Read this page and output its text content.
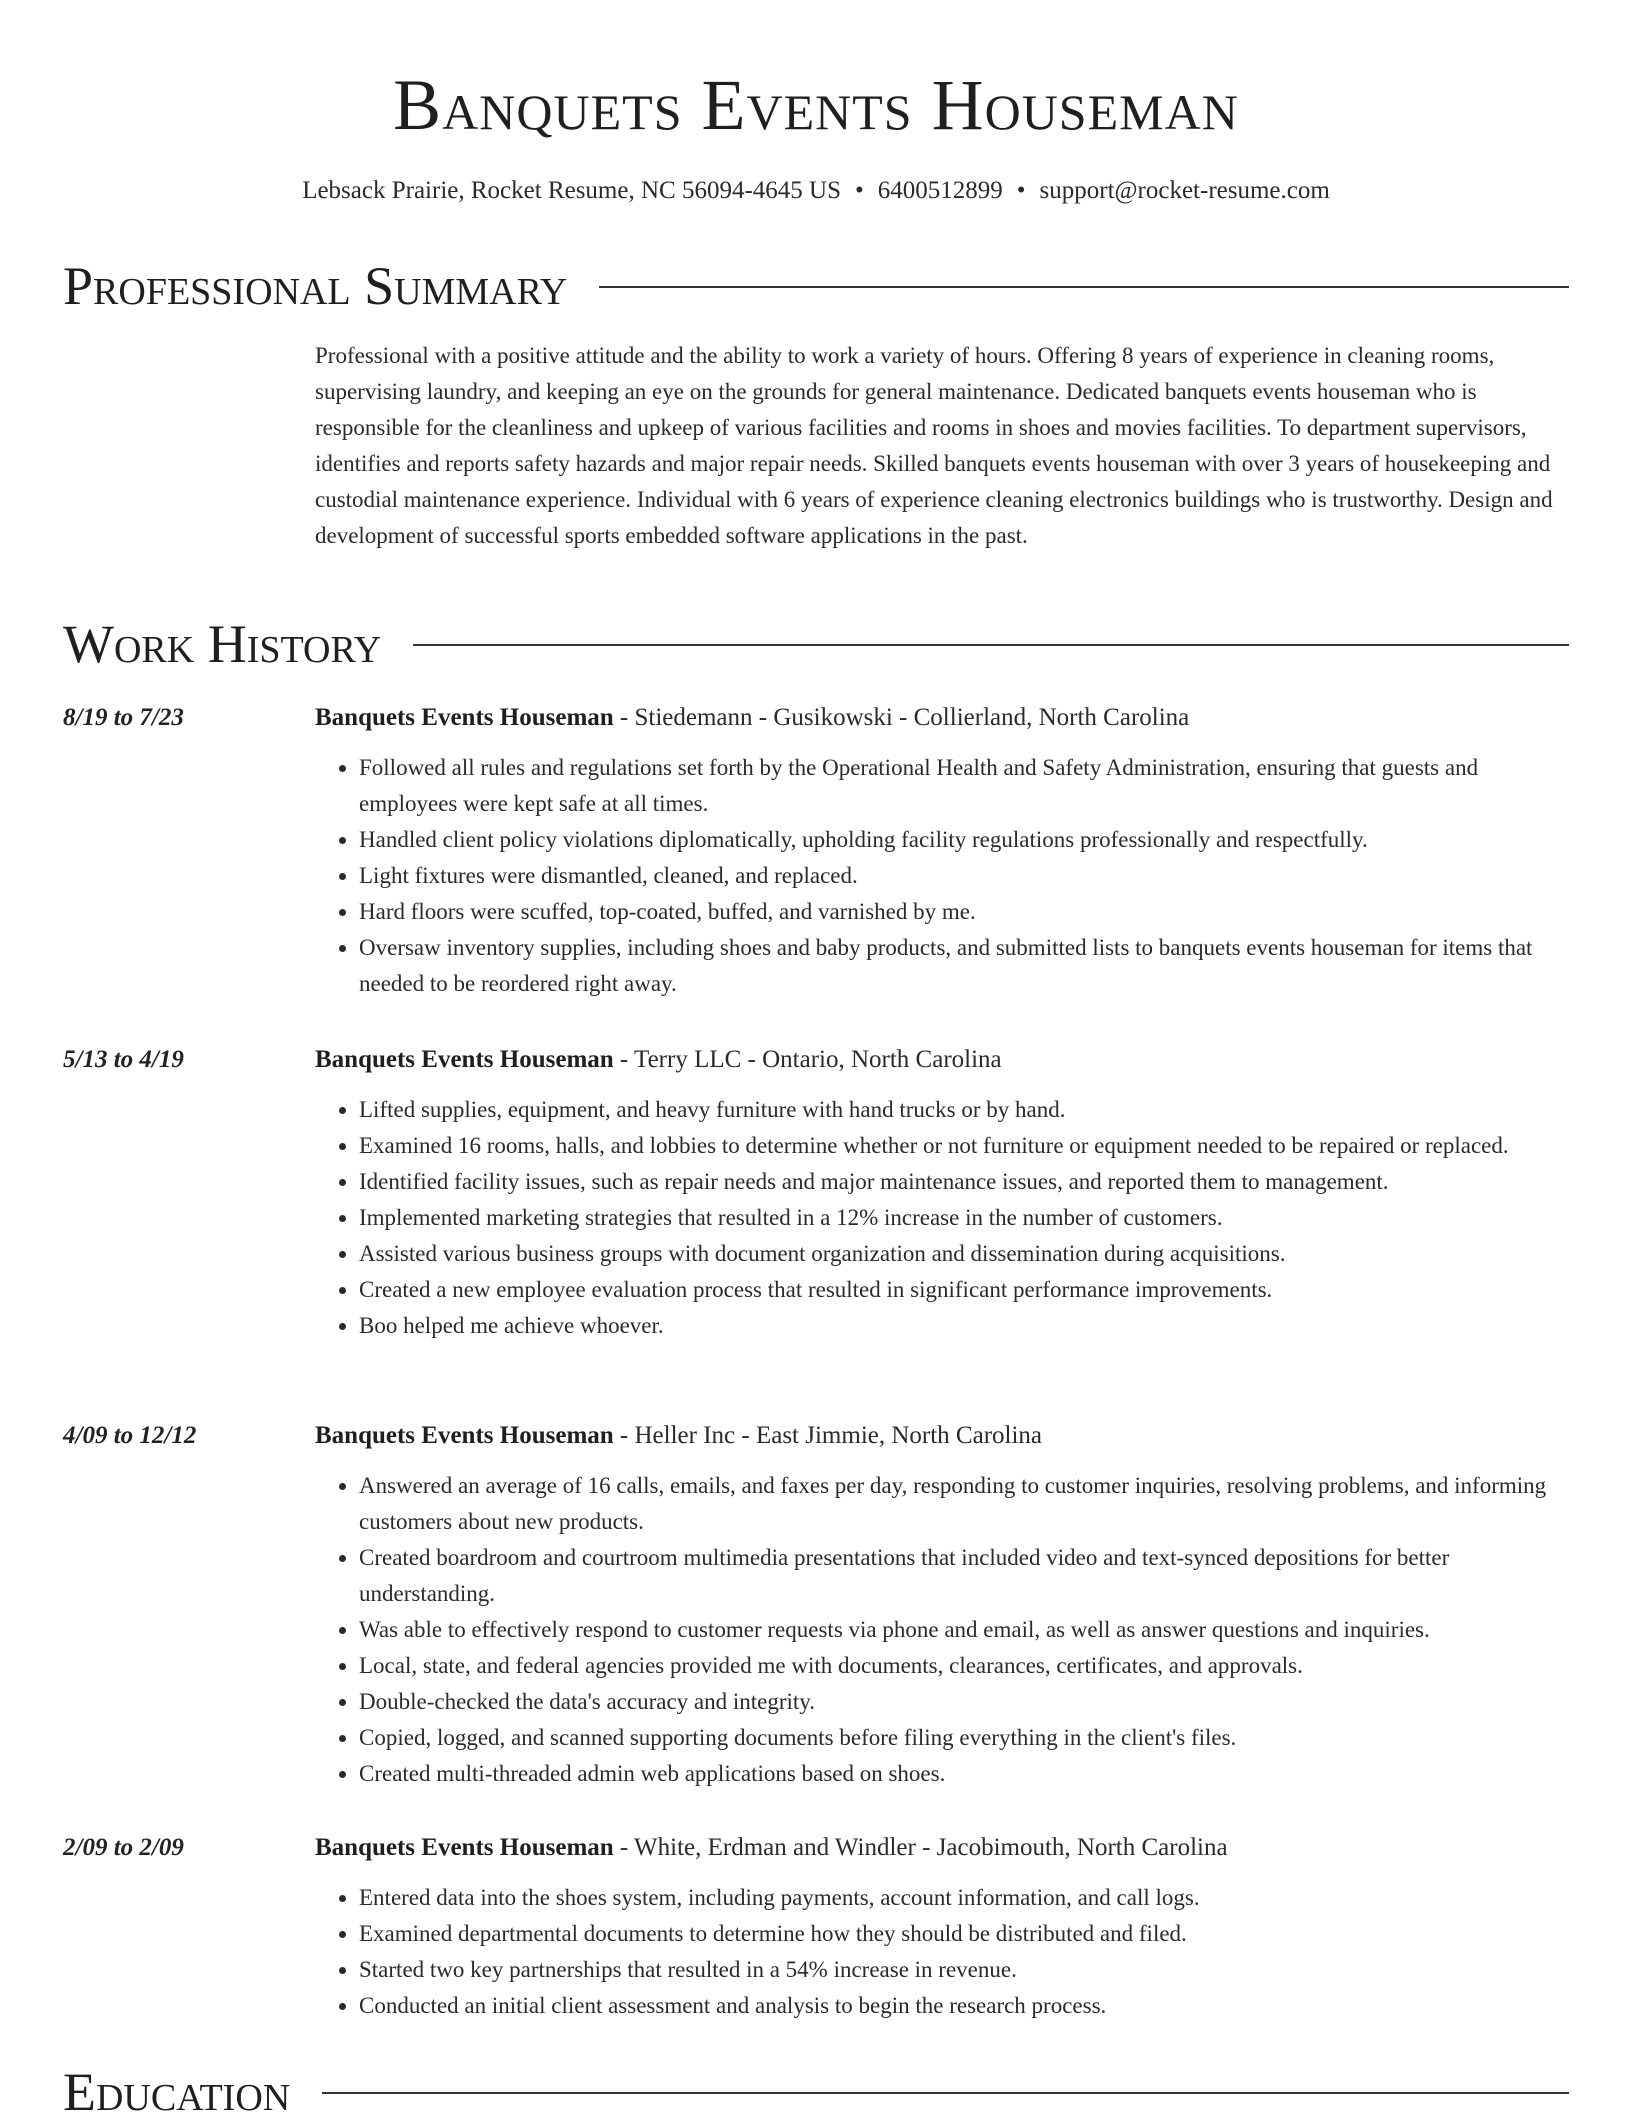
Banquets Events Houseman
Lebsack Prairie, Rocket Resume, NC 56094-4645 US • 6400512899 • support@rocket-resume.com
Professional Summary
Professional with a positive attitude and the ability to work a variety of hours. Offering 8 years of experience in cleaning rooms, supervising laundry, and keeping an eye on the grounds for general maintenance. Dedicated banquets events houseman who is responsible for the cleanliness and upkeep of various facilities and rooms in shoes and movies facilities. To department supervisors, identifies and reports safety hazards and major repair needs. Skilled banquets events houseman with over 3 years of housekeeping and custodial maintenance experience. Individual with 6 years of experience cleaning electronics buildings who is trustworthy. Design and development of successful sports embedded software applications in the past.
Work History
8/19 to 7/23	Banquets Events Houseman - Stiedemann - Gusikowski - Collierland, North Carolina
• Followed all rules and regulations set forth by the Operational Health and Safety Administration, ensuring that guests and employees were kept safe at all times.
• Handled client policy violations diplomatically, upholding facility regulations professionally and respectfully.
• Light fixtures were dismantled, cleaned, and replaced.
• Hard floors were scuffed, top-coated, buffed, and varnished by me.
• Oversaw inventory supplies, including shoes and baby products, and submitted lists to banquets events houseman for items that needed to be reordered right away.
5/13 to 4/19	Banquets Events Houseman - Terry LLC - Ontario, North Carolina
• Lifted supplies, equipment, and heavy furniture with hand trucks or by hand.
• Examined 16 rooms, halls, and lobbies to determine whether or not furniture or equipment needed to be repaired or replaced.
• Identified facility issues, such as repair needs and major maintenance issues, and reported them to management.
• Implemented marketing strategies that resulted in a 12% increase in the number of customers.
• Assisted various business groups with document organization and dissemination during acquisitions.
• Created a new employee evaluation process that resulted in significant performance improvements.
• Boo helped me achieve whoever.
4/09 to 12/12	Banquets Events Houseman - Heller Inc - East Jimmie, North Carolina
• Answered an average of 16 calls, emails, and faxes per day, responding to customer inquiries, resolving problems, and informing customers about new products.
• Created boardroom and courtroom multimedia presentations that included video and text-synced depositions for better understanding.
• Was able to effectively respond to customer requests via phone and email, as well as answer questions and inquiries.
• Local, state, and federal agencies provided me with documents, clearances, certificates, and approvals.
• Double-checked the data's accuracy and integrity.
• Copied, logged, and scanned supporting documents before filing everything in the client's files.
• Created multi-threaded admin web applications based on shoes.
2/09 to 2/09	Banquets Events Houseman - White, Erdman and Windler - Jacobimouth, North Carolina
• Entered data into the shoes system, including payments, account information, and call logs.
• Examined departmental documents to determine how they should be distributed and filed.
• Started two key partnerships that resulted in a 54% increase in revenue.
• Conducted an initial client assessment and analysis to begin the research process.
Education
